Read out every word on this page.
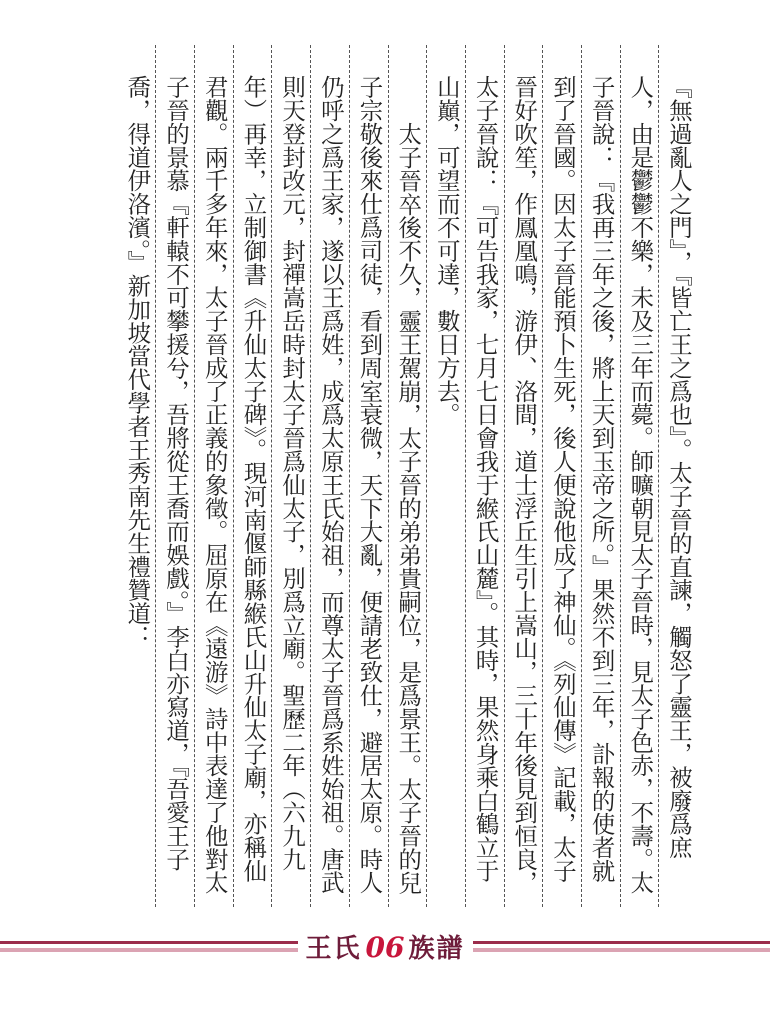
『無過亂人之門』，『皆亡王之爲也』。太子晉的直諫，觸怒了靈王，被廢爲庶
人，由是鬱鬱不樂，未及三年而薨。師曠朝見太子晉時，見太子色赤，不壽。太
子晉說：『我再三年之後，將上天到玉帝之所。』果然不到三年，訃報的使者就
到了晉國。因太子晉能預卜生死，後人便說他成了神仙。《列仙傳》記載，太子
晉好吹笙，作鳳凰鳴，游伊、洛間，道士浮丘生引上嵩山，三十年後見到恒良，
太子晉說：『可告我家，七月七日會我于緱氏山麓』。其時，果然身乘白鶴立于
山巔，可望而不可達，數日方去。
太子晉卒後不久，靈王駕崩，太子晉的弟弟貴嗣位，是爲景王。太子晉的兒
子宗敬後來仕爲司徒，看到周室衰微，天下大亂，便請老致仕，避居太原。時人
仍呼之爲王家，遂以王爲姓，成爲太原王氏始祖，而尊太子晉爲系姓始祖。唐武
則天登封改元，封禪嵩岳時封太子晉爲仙太子，別爲立廟。聖歷二年（六九九
年）再幸，立制御書《升仙太子碑》。現河南偃師縣緱氏山升仙太子廟，亦稱仙
君觀。兩千多年來，太子晉成了正義的象徵。屈原在《遠游》詩中表達了他對太
子晉的景慕『軒轅不可攀援兮，吾將從王喬而娛戲。』李白亦寫道，『吾愛王子
喬，得道伊洛濱。』新加坡當代學者王秀南先生禮贊道：
王氏 06 族譜
